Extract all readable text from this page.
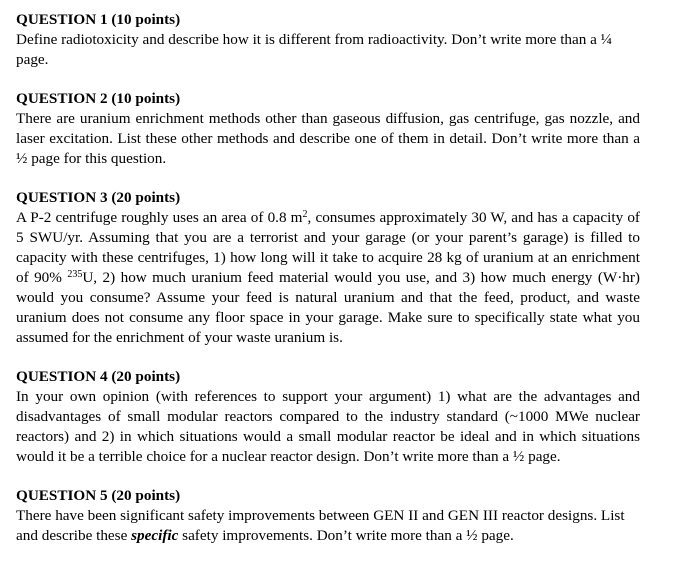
QUESTION 1 (10 points)

Define radiotoxicity and describe how it is different from radioactivity. Don’t write more than a ¼ page.

QUESTION 2 (10 points)

There are uranium enrichment methods other than gaseous diffusion, gas centrifuge, gas nozzle, and laser excitation. List these other methods and describe one of them in detail. Don’t write more than a ½ page for this question.

QUESTION 3 (20 points)

A P-2 centrifuge roughly uses an area of 0.8 $m^2$, consumes approximately 30 W, and has a capacity of 5 SWU/yr. Assuming that you are a terrorist and your garage (or your parent’s garage) is filled to capacity with these centrifuges, 1) how long will it take to acquire 28 kg of uranium at an enrichment of 90% $^{235}$U, 2) how much uranium feed material would you use, and 3) how much energy (W·hr) would you consume? Assume your feed is natural uranium and that the feed, product, and waste uranium does not consume any floor space in your garage. Make sure to specifically state what you assumed for the enrichment of your waste uranium is.

QUESTION 4 (20 points)

In your own opinion (with references to support your argument) 1) what are the advantages and disadvantages of small modular reactors compared to the industry standard (~1000 MWe nuclear reactors) and 2) in which situations would a small modular reactor be ideal and in which situations would it be a terrible choice for a nuclear reactor design. Don’t write more than a ½ page.

QUESTION 5 (20 points)

There have been significant safety improvements between GEN II and GEN III reactor designs. List and describe these specific safety improvements. Don’t write more than a ½ page.
